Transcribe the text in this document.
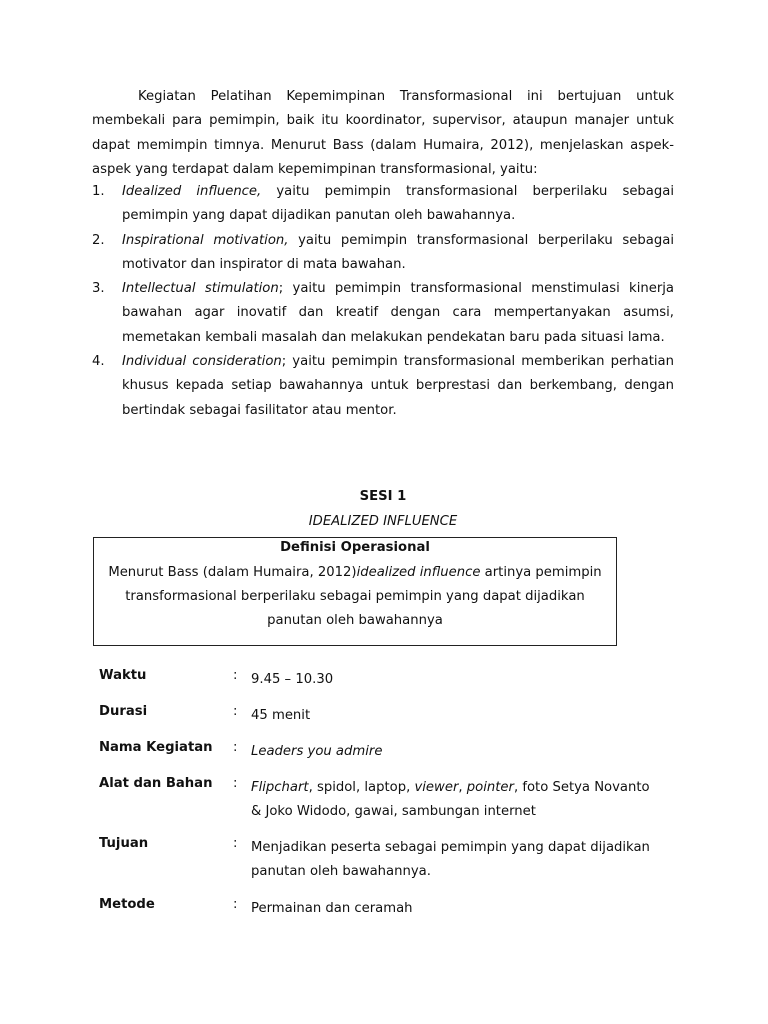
Kegiatan Pelatihan Kepemimpinan Transformasional ini bertujuan untuk membekali para pemimpin, baik itu koordinator, supervisor, ataupun manajer untuk dapat memimpin timnya. Menurut Bass (dalam Humaira, 2012), menjelaskan aspek-aspek yang terdapat dalam kepemimpinan transformasional, yaitu:

1. Idealized influence, yaitu pemimpin transformasional berperilaku sebagai pemimpin yang dapat dijadikan panutan oleh bawahannya.
2. Inspirational motivation, yaitu pemimpin transformasional berperilaku sebagai motivator dan inspirator di mata bawahan.
3. Intellectual stimulation; yaitu pemimpin transformasional menstimulasi kinerja bawahan agar inovatif dan kreatif dengan cara mempertanyakan asumsi, memetakan kembali masalah dan melakukan pendekatan baru pada situasi lama.
4. Individual consideration; yaitu pemimpin transformasional memberikan perhatian khusus kepada setiap bawahannya untuk berprestasi dan berkembang, dengan bertindak sebagai fasilitator atau mentor.
SESI 1
IDEALIZED INFLUENCE
Definisi Operasional
Menurut Bass (dalam Humaira, 2012)idealized influence artinya pemimpin transformasional berperilaku sebagai pemimpin yang dapat dijadikan panutan oleh bawahannya
Waktu	: 9.45 – 10.30
Durasi	: 45 menit
Nama Kegiatan : Leaders you admire
Alat dan Bahan : Flipchart, spidol, laptop, viewer, pointer, foto Setya Novanto & Joko Widodo, gawai, sambungan internet
Tujuan	: Menjadikan peserta sebagai pemimpin yang dapat dijadikan panutan oleh bawahannya.
Metode	: Permainan dan ceramah
